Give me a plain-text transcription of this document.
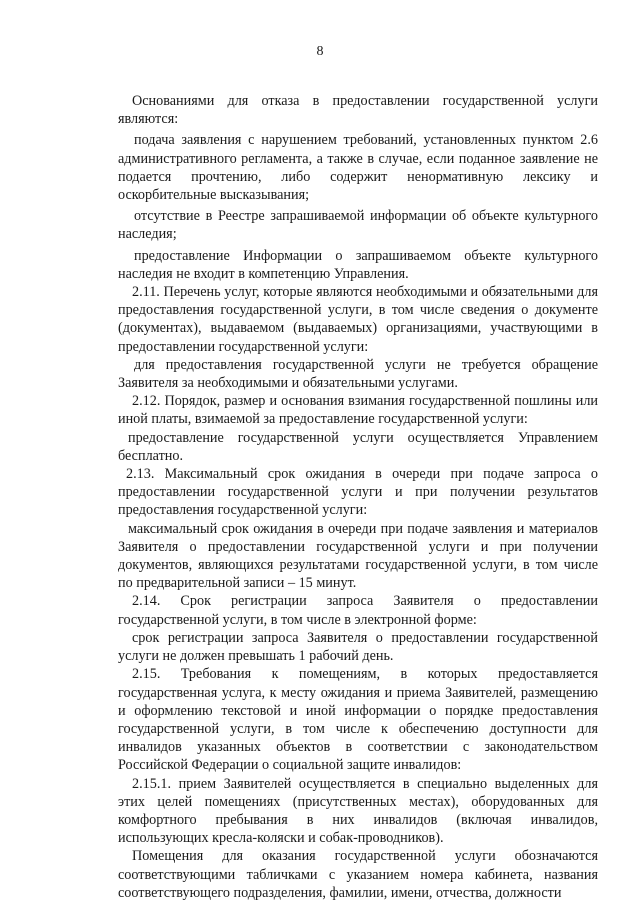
8

Основаниями для отказа в предоставлении государственной услуги являются:

подача заявления с нарушением требований, установленных пунктом 2.6 административного регламента, а также в случае, если поданное заявление не подается прочтению, либо содержит ненормативную лексику и оскорбительные высказывания;

отсутствие в Реестре запрашиваемой информации об объекте культурного наследия;

предоставление Информации о запрашиваемом объекте культурного наследия не входит в компетенцию Управления.

2.11. Перечень услуг, которые являются необходимыми и обязательными для предоставления государственной услуги, в том числе сведения о документе (документах), выдаваемом (выдаваемых) организациями, участвующими в предоставлении государственной услуги:

для предоставления государственной услуги не требуется обращение Заявителя за необходимыми и обязательными услугами.

2.12. Порядок, размер и основания взимания государственной пошлины или иной платы, взимаемой за предоставление государственной услуги:

предоставление государственной услуги осуществляется Управлением бесплатно.

2.13. Максимальный срок ожидания в очереди при подаче запроса о предоставлении государственной услуги и при получении результатов предоставления государственной услуги:

максимальный срок ожидания в очереди при подаче заявления и материалов Заявителя о предоставлении государственной услуги и при получении документов, являющихся результатами государственной услуги, в том числе по предварительной записи – 15 минут.

2.14. Срок регистрации запроса Заявителя о предоставлении государственной услуги, в том числе в электронной форме:

срок регистрации запроса Заявителя о предоставлении государственной услуги не должен превышать 1 рабочий день.

2.15. Требования к помещениям, в которых предоставляется государственная услуга, к месту ожидания и приема Заявителей, размещению и оформлению текстовой и иной информации о порядке предоставления государственной услуги, в том числе к обеспечению доступности для инвалидов указанных объектов в соответствии с законодательством Российской Федерации о социальной защите инвалидов:

2.15.1. прием Заявителей осуществляется в специально выделенных для этих целей помещениях (присутственных местах), оборудованных для комфортного пребывания в них инвалидов (включая инвалидов, использующих кресла-коляски и собак-проводников).

Помещения для оказания государственной услуги обозначаются соответствующими табличками с указанием номера кабинета, названия соответствующего подразделения, фамилии, имени, отчества, должности
